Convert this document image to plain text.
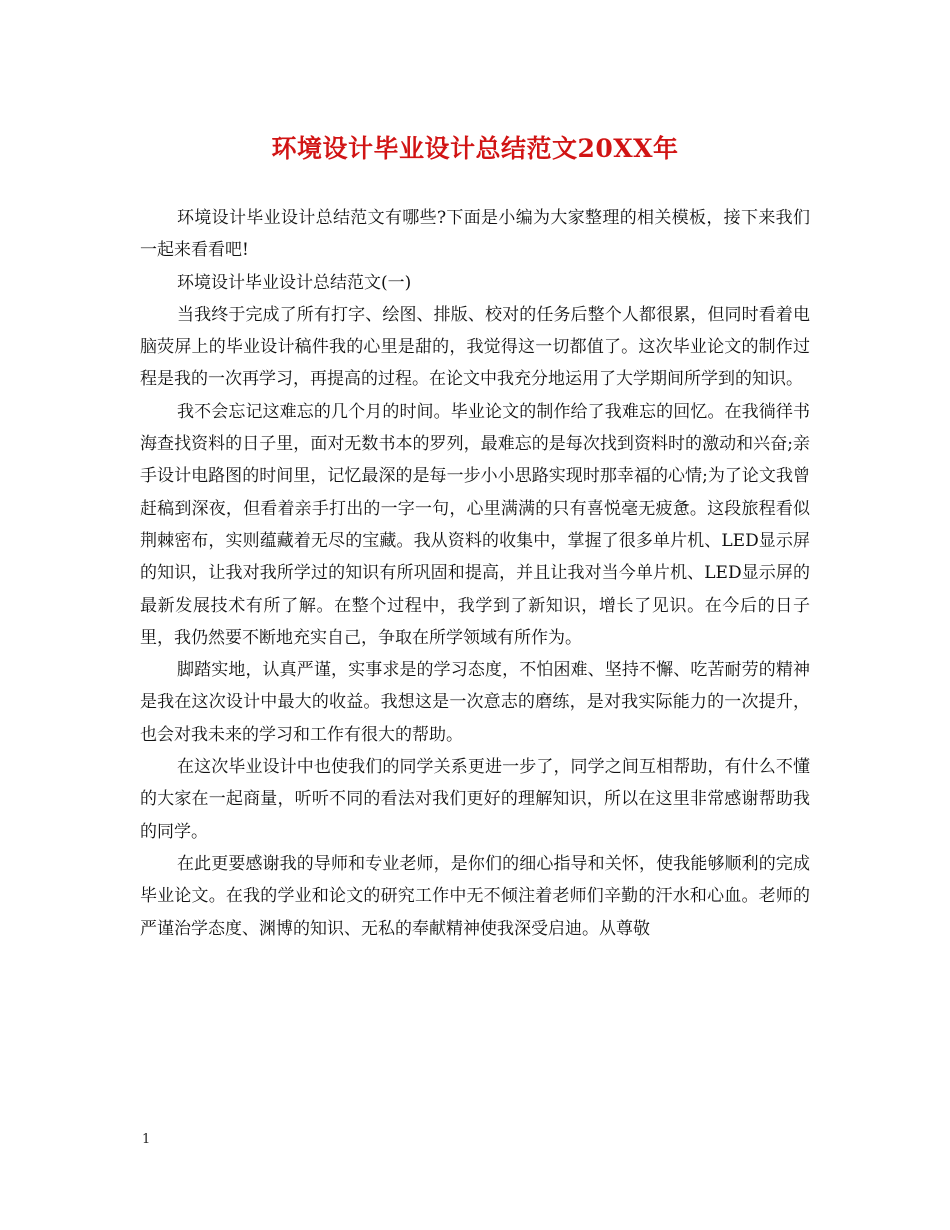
环境设计毕业设计总结范文20XX年

环境设计毕业设计总结范文有哪些?下面是小编为大家整理的相关模板，接下来我们一起来看看吧!

环境设计毕业设计总结范文(一)

当我终于完成了所有打字、绘图、排版、校对的任务后整个人都很累，但同时看着电脑荧屏上的毕业设计稿件我的心里是甜的，我觉得这一切都值了。这次毕业论文的制作过程是我的一次再学习，再提高的过程。在论文中我充分地运用了大学期间所学到的知识。

我不会忘记这难忘的几个月的时间。毕业论文的制作给了我难忘的回忆。在我徜徉书海查找资料的日子里，面对无数书本的罗列，最难忘的是每次找到资料时的激动和兴奋;亲手设计电路图的时间里，记忆最深的是每一步小小思路实现时那幸福的心情;为了论文我曾赶稿到深夜，但看着亲手打出的一字一句，心里满满的只有喜悦毫无疲惫。这段旅程看似荆棘密布，实则蕴藏着无尽的宝藏。我从资料的收集中，掌握了很多单片机、LED显示屏的知识，让我对我所学过的知识有所巩固和提高，并且让我对当今单片机、LED显示屏的最新发展技术有所了解。在整个过程中，我学到了新知识，增长了见识。在今后的日子里，我仍然要不断地充实自己，争取在所学领域有所作为。

脚踏实地，认真严谨，实事求是的学习态度，不怕困难、坚持不懈、吃苦耐劳的精神是我在这次设计中最大的收益。我想这是一次意志的磨练，是对我实际能力的一次提升，也会对我未来的学习和工作有很大的帮助。

在这次毕业设计中也使我们的同学关系更进一步了，同学之间互相帮助，有什么不懂的大家在一起商量，听听不同的看法对我们更好的理解知识，所以在这里非常感谢帮助我的同学。

在此更要感谢我的导师和专业老师，是你们的细心指导和关怀，使我能够顺利的完成毕业论文。在我的学业和论文的研究工作中无不倾注着老师们辛勤的汗水和心血。老师的严谨治学态度、渊博的知识、无私的奉献精神使我深受启迪。从尊敬

1
